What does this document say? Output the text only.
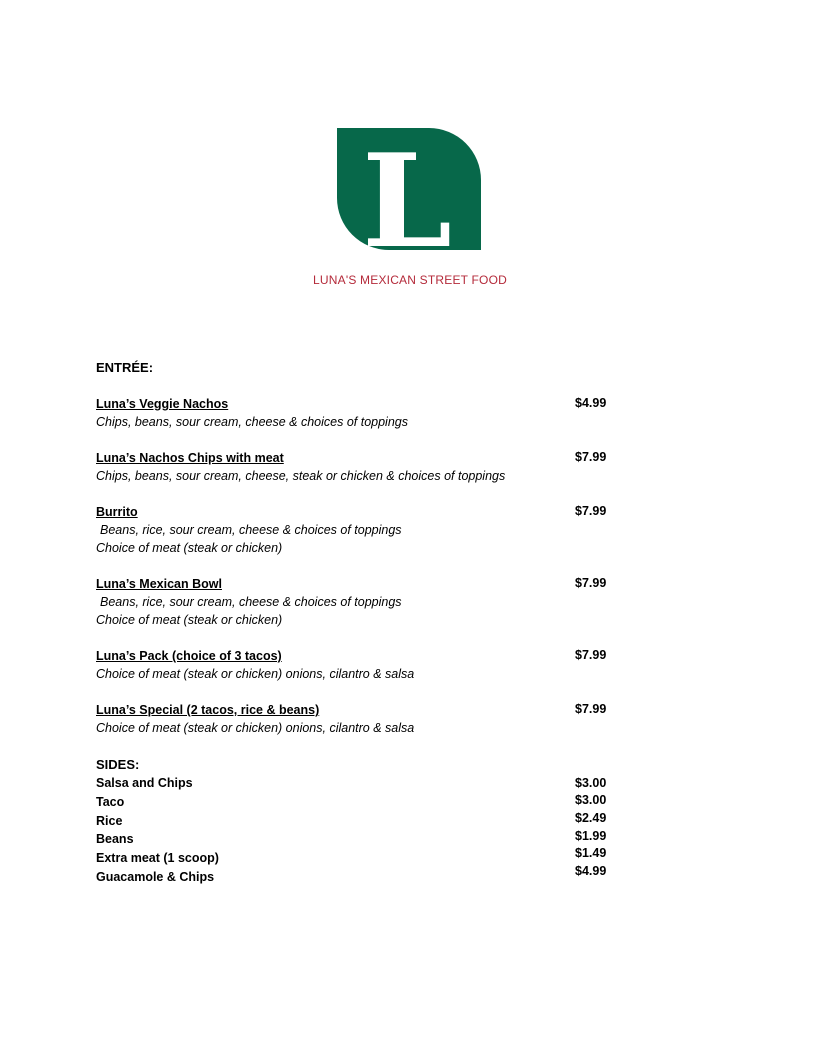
L
LUNA'S MEXICAN STREET FOOD
ENTRÉE:
Luna’s Veggie Nachos
Chips, beans, sour cream, cheese & choices of toppings
$4.99
Luna’s Nachos Chips with meat
Chips, beans, sour cream, cheese, steak or chicken & choices of toppings
$7.99
Burrito
Beans, rice, sour cream, cheese & choices of toppings
Choice of meat (steak or chicken)
$7.99
Luna’s Mexican Bowl
Beans, rice, sour cream, cheese & choices of toppings
Choice of meat (steak or chicken)
$7.99
Luna’s Pack (choice of 3 tacos)
Choice of meat (steak or chicken) onions, cilantro & salsa
$7.99
Luna’s Special (2 tacos, rice & beans)
Choice of meat (steak or chicken) onions, cilantro & salsa
$7.99
SIDES:
Salsa and Chips
Taco
Rice
Beans
Extra meat (1 scoop)
Guacamole & Chips
$3.00
$3.00
$2.49
$1.99
$1.49
$4.99
